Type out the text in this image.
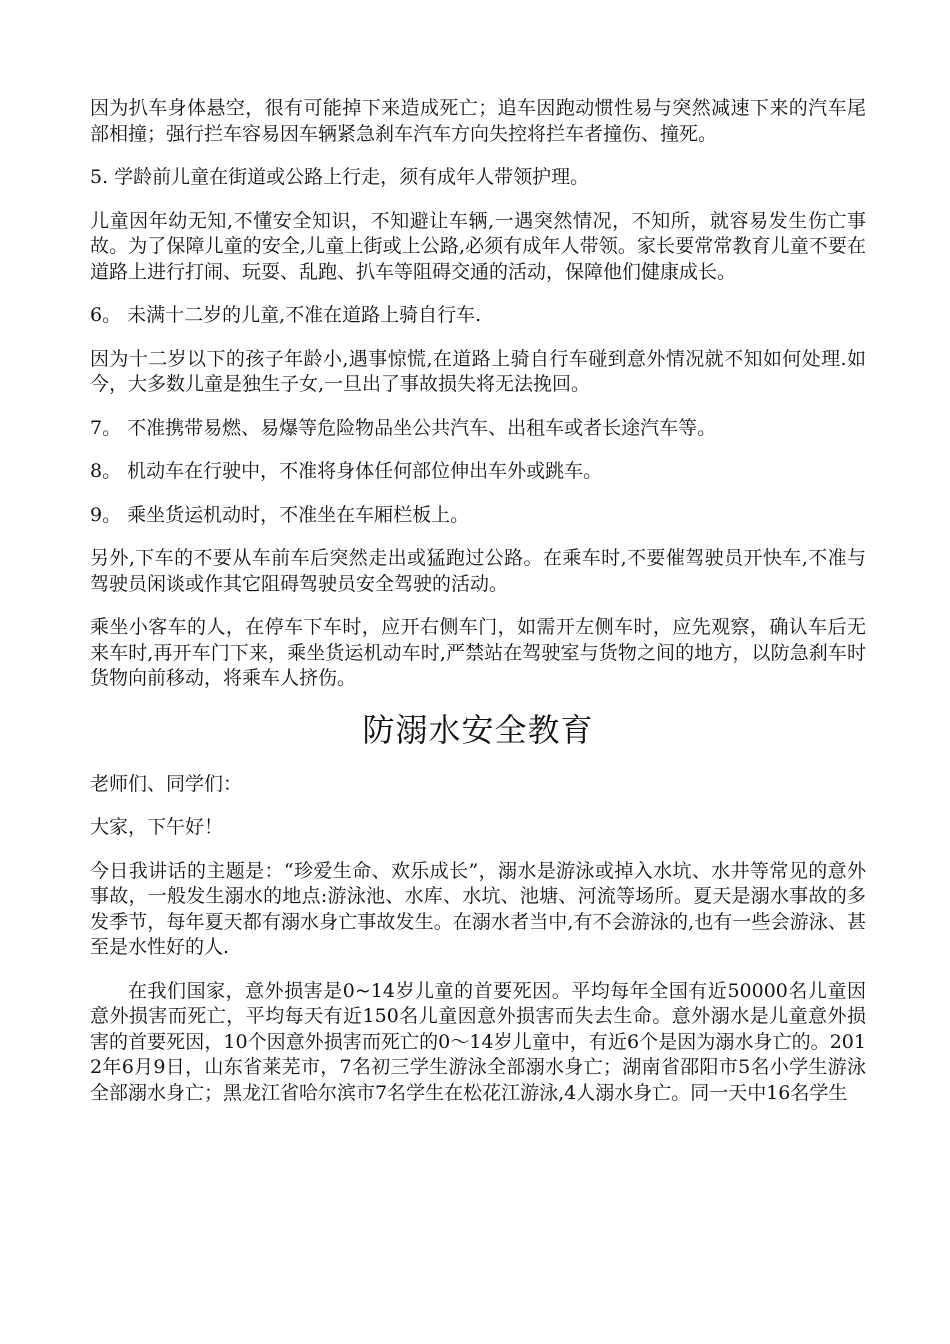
因为扒车身体悬空，很有可能掉下来造成死亡；追车因跑动惯性易与突然减速下来的汽车尾部相撞；强行拦车容易因车辆紧急刹车汽车方向失控将拦车者撞伤、撞死。

5. 学龄前儿童在街道或公路上行走，须有成年人带领护理。

儿童因年幼无知,不懂安全知识，不知避让车辆,一遇突然情况，不知所，就容易发生伤亡事故。为了保障儿童的安全,儿童上街或上公路,必须有成年人带领。家长要常常教育儿童不要在道路上进行打闹、玩耍、乱跑、扒车等阻碍交通的活动，保障他们健康成长。

6。 未满十二岁的儿童,不准在道路上骑自行车.

因为十二岁以下的孩子年龄小,遇事惊慌,在道路上骑自行车碰到意外情况就不知如何处理.如今，大多数儿童是独生子女,一旦出了事故损失将无法挽回。

7。 不准携带易燃、易爆等危险物品坐公共汽车、出租车或者长途汽车等。

8。 机动车在行驶中，不准将身体任何部位伸出车外或跳车。

9。 乘坐货运机动时，不准坐在车厢栏板上。

另外,下车的不要从车前车后突然走出或猛跑过公路。在乘车时,不要催驾驶员开快车,不准与驾驶员闲谈或作其它阻碍驾驶员安全驾驶的活动。

乘坐小客车的人，在停车下车时，应开右侧车门，如需开左侧车时，应先观察，确认车后无来车时,再开车门下来，乘坐货运机动车时,严禁站在驾驶室与货物之间的地方，以防急刹车时货物向前移动，将乘车人挤伤。

防溺水安全教育

老师们、同学们：

大家，下午好！

今日我讲话的主题是：“珍爱生命、欢乐成长”，溺水是游泳或掉入水坑、水井等常见的意外事故，一般发生溺水的地点:游泳池、水库、水坑、池塘、河流等场所。夏天是溺水事故的多发季节，每年夏天都有溺水身亡事故发生。在溺水者当中,有不会游泳的,也有一些会游泳、甚至是水性好的人.

在我们国家，意外损害是0~14岁儿童的首要死因。平均每年全国有近50000名儿童因意外损害而死亡，平均每天有近150名儿童因意外损害而失去生命。意外溺水是儿童意外损害的首要死因，10个因意外损害而死亡的0～14岁儿童中，有近6个是因为溺水身亡的。2012年6月9日，山东省莱芜市，7名初三学生游泳全部溺水身亡；湖南省邵阳市5名小学生游泳全部溺水身亡；黑龙江省哈尔滨市7名学生在松花江游泳,4人溺水身亡。同一天中16名学生
